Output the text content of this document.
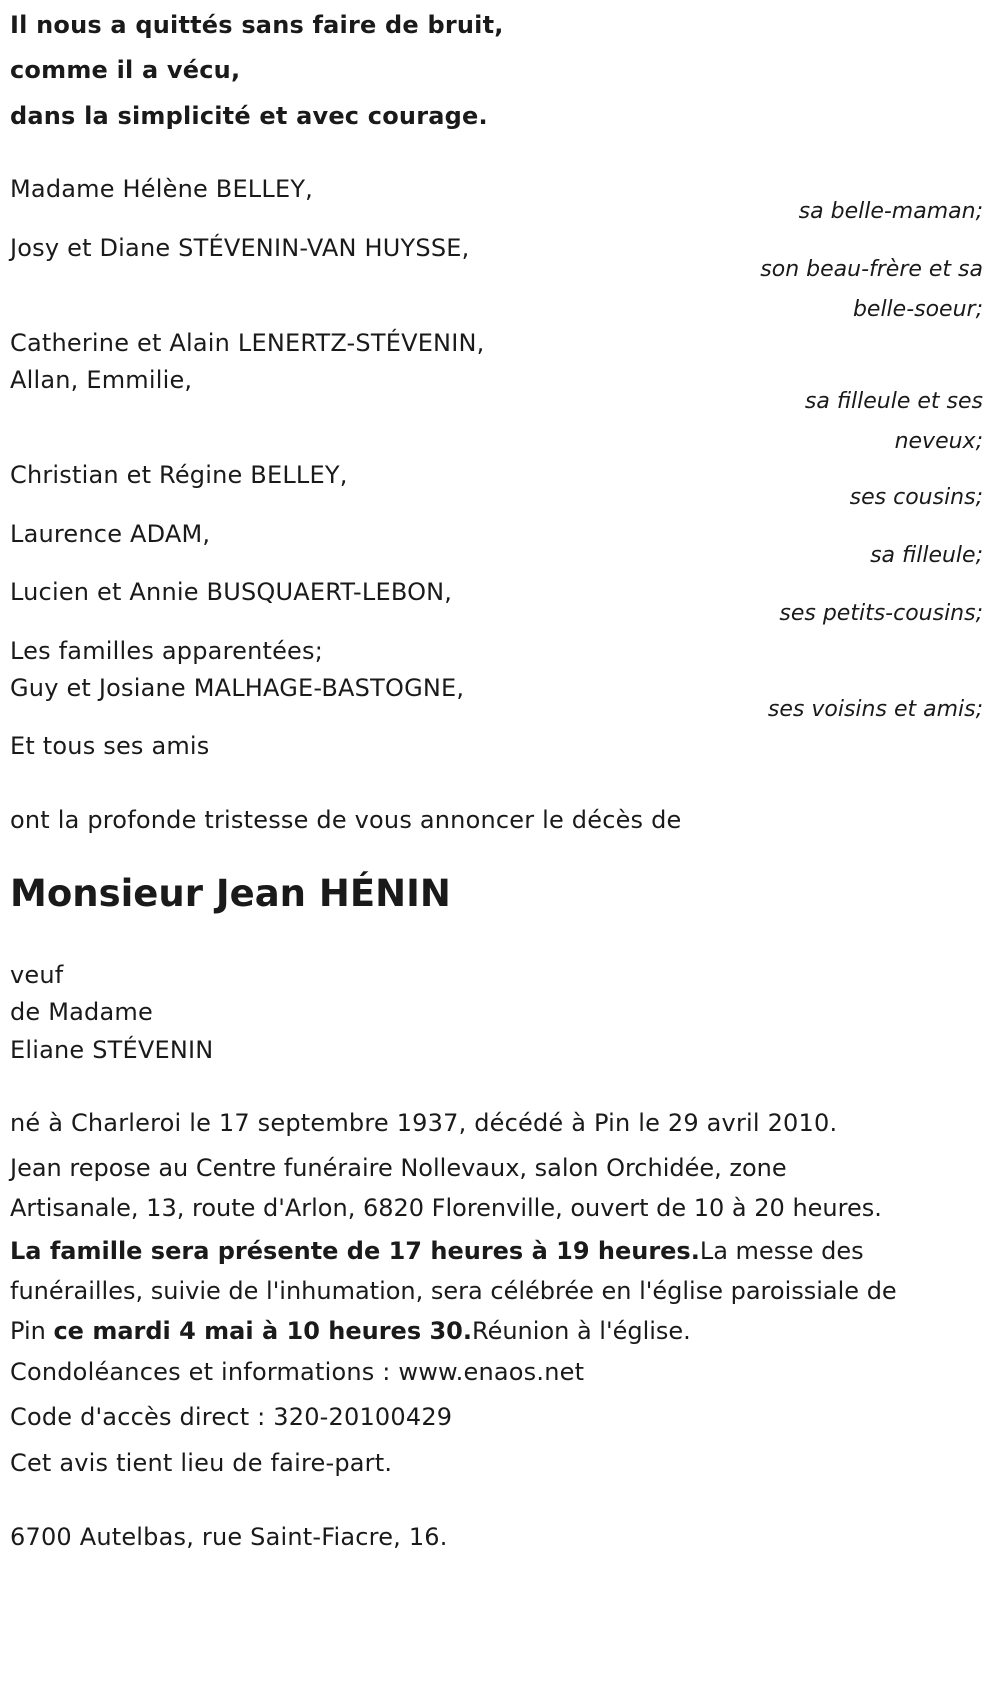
Il nous a quittés sans faire de bruit,
comme il a vécu,
dans la simplicité et avec courage.
Madame Hélène BELLEY,
sa belle-maman;
Josy et Diane STÉVENIN-VAN HUYSSE,
son beau-frère et sa belle-soeur;
Catherine et Alain LENERTZ-STÉVENIN,
Allan, Emmilie,
sa filleule et ses neveux;
Christian et Régine BELLEY,
ses cousins;
Laurence ADAM,
sa filleule;
Lucien et Annie BUSQUAERT-LEBON,
ses petits-cousins;
Les familles apparentées;
Guy et Josiane MALHAGE-BASTOGNE,
ses voisins et amis;
Et tous ses amis
ont la profonde tristesse de vous annoncer le décès de
Monsieur Jean HÉNIN
veuf
de Madame
Eliane STÉVENIN
né à Charleroi le 17 septembre 1937, décédé à Pin le 29 avril 2010.
Jean repose au Centre funéraire Nollevaux, salon Orchidée, zone Artisanale, 13, route d'Arlon, 6820 Florenville, ouvert de 10 à 20 heures.
La famille sera présente de 17 heures à 19 heures.La messe des funérailles, suivie de l'inhumation, sera célébrée en l'église paroissiale de Pin ce mardi 4 mai à 10 heures 30.Réunion à l'église.
Condoléances et informations : www.enaos.net
Code d'accès direct : 320-20100429
Cet avis tient lieu de faire-part.
6700 Autelbas, rue Saint-Fiacre, 16.
